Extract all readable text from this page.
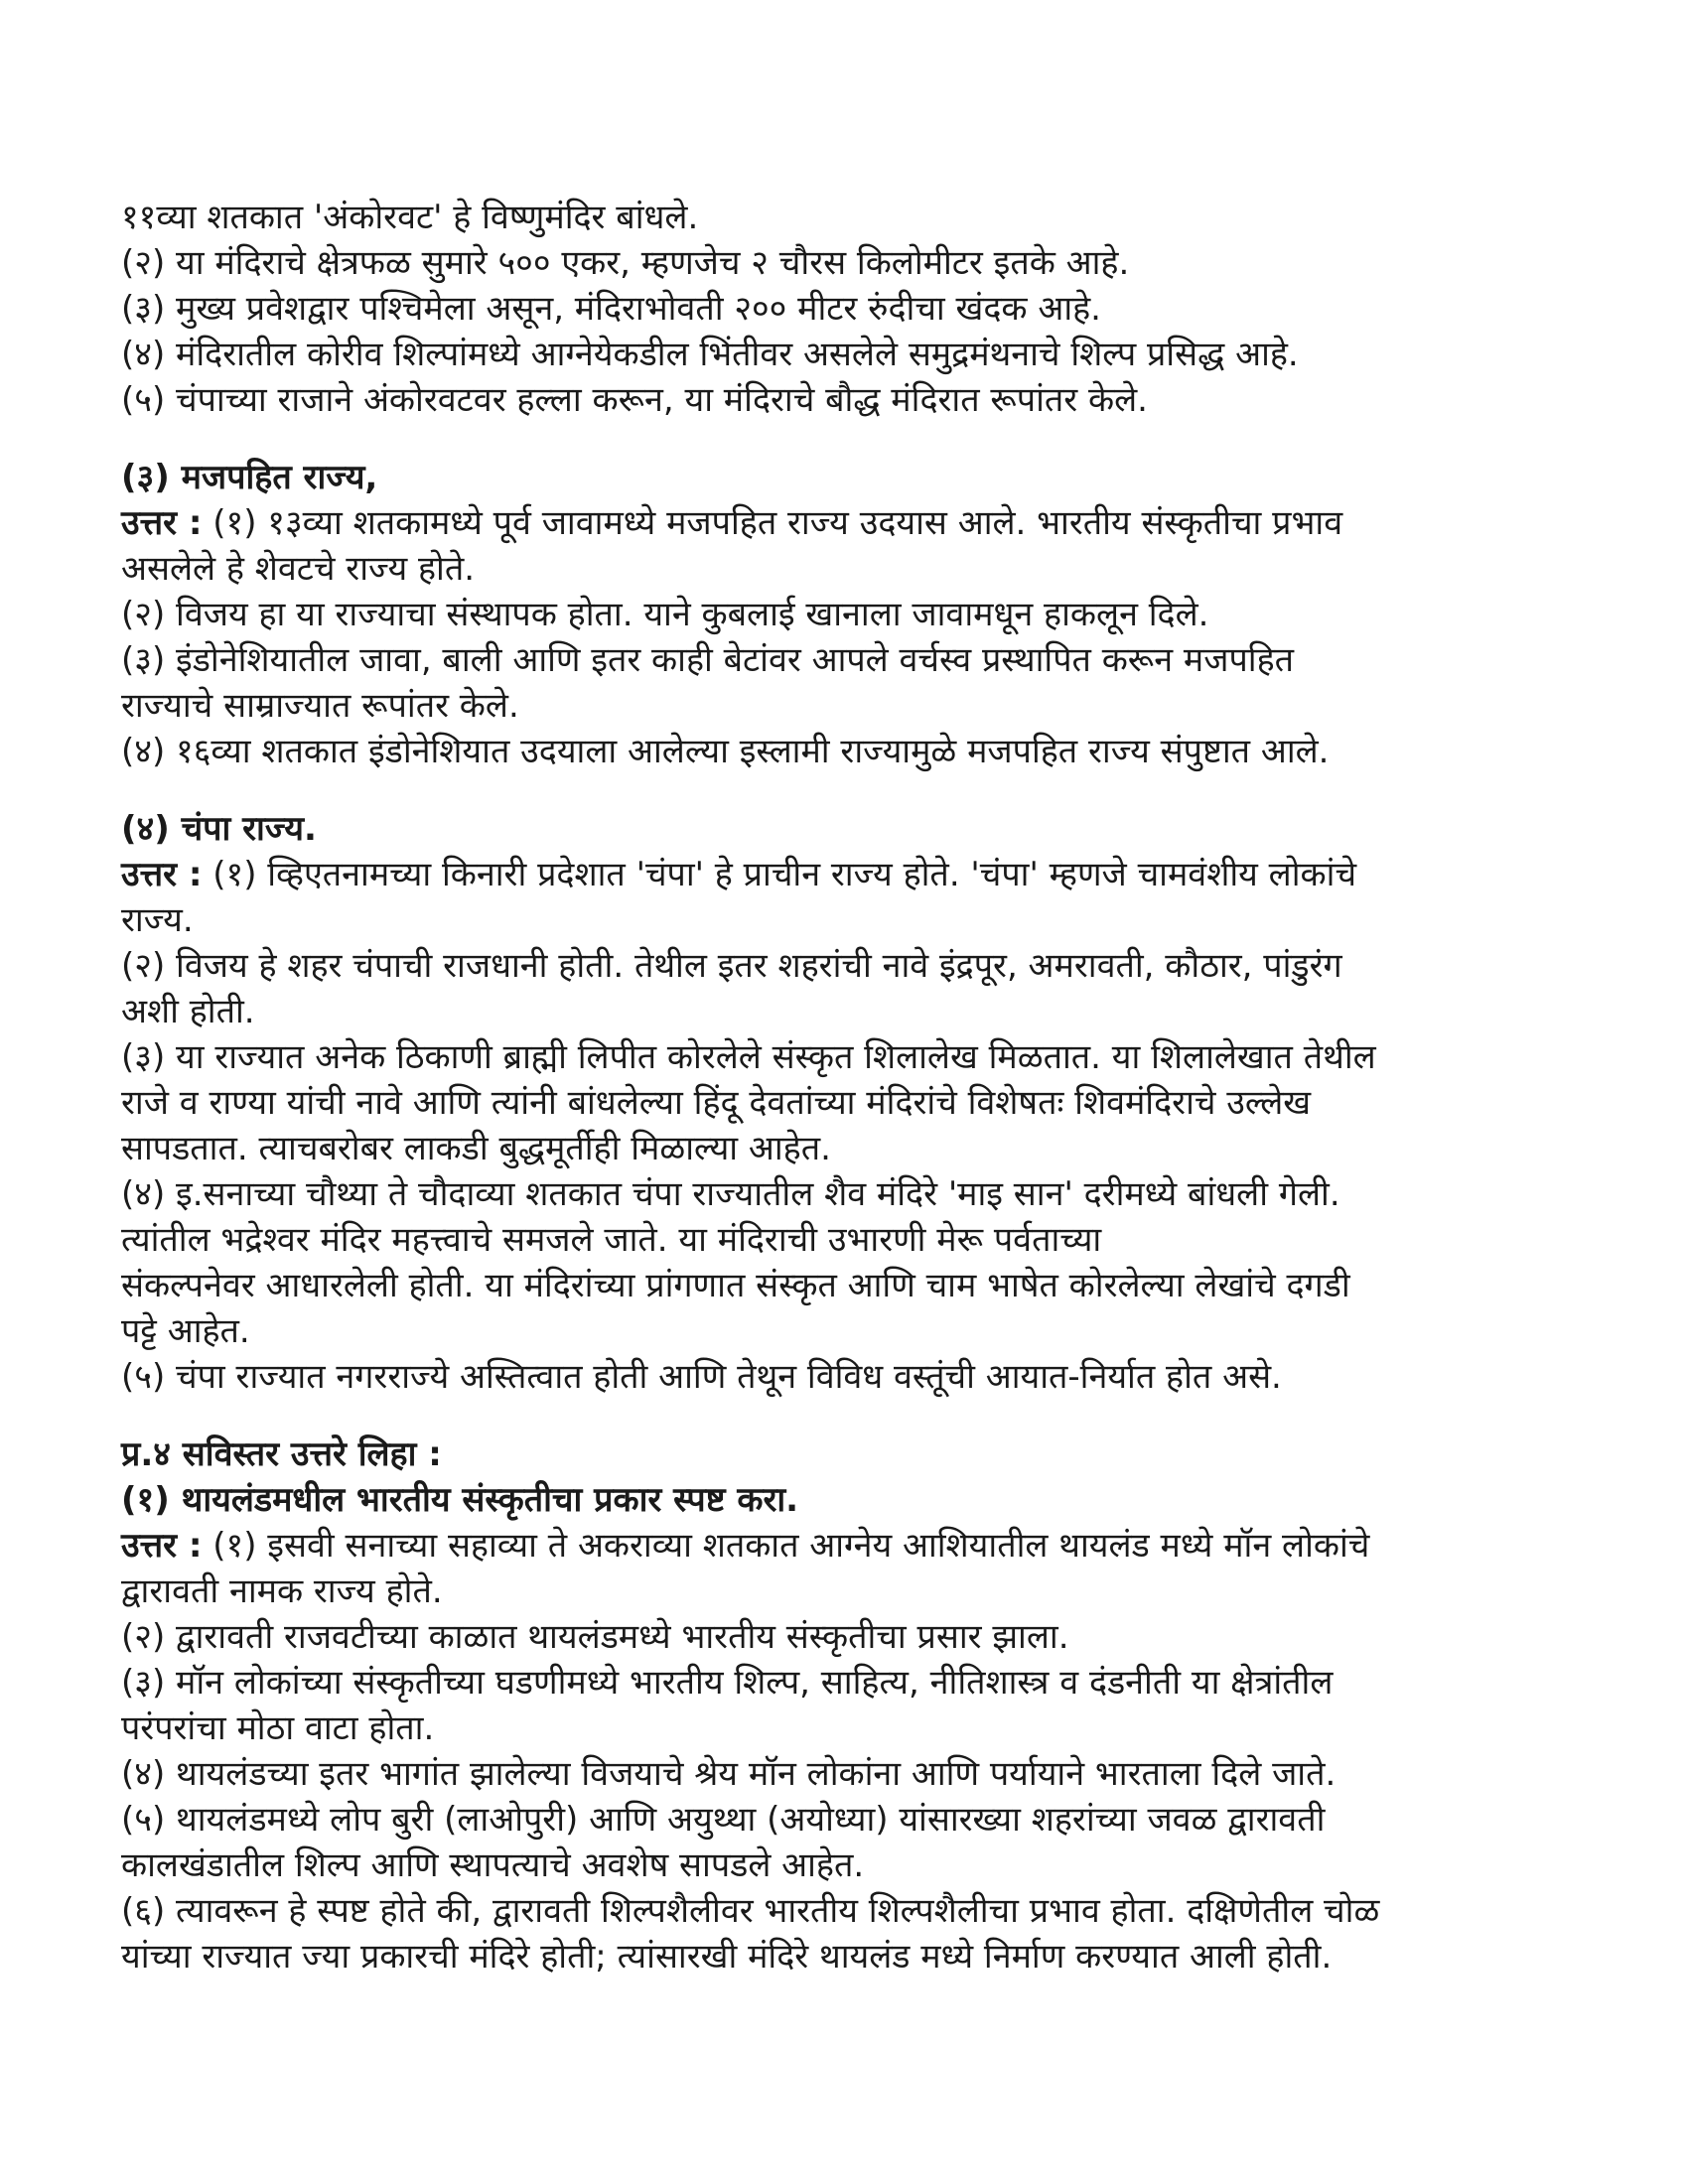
११व्या शतकात 'अंकोरवट' हे विष्णुमंदिर बांधले.
(२) या मंदिराचे क्षेत्रफळ सुमारे ५०० एकर, म्हणजेच २ चौरस किलोमीटर इतके आहे.
(३) मुख्य प्रवेशद्वार पश्चिमेला असून, मंदिराभोवती २०० मीटर रुंदीचा खंदक आहे.
(४) मंदिरातील कोरीव शिल्पांमध्ये आग्नेयेकडील भिंतीवर असलेले समुद्रमंथनाचे शिल्प प्रसिद्ध आहे.
(५) चंपाच्या राजाने अंकोरवटवर हल्ला करून, या मंदिराचे बौद्ध मंदिरात रूपांतर केले.
(३) मजपहित राज्य,
उत्तर : (१) १३व्या शतकामध्ये पूर्व जावामध्ये मजपहित राज्य उदयास आले. भारतीय संस्कृतीचा प्रभाव
असलेले हे शेवटचे राज्य होते.
(२) विजय हा या राज्याचा संस्थापक होता. याने कुबलाई खानाला जावामधून हाकलून दिले.
(३) इंडोनेशियातील जावा, बाली आणि इतर काही बेटांवर आपले वर्चस्व प्रस्थापित करून मजपहित
राज्याचे साम्राज्यात रूपांतर केले.
(४) १६व्या शतकात इंडोनेशियात उदयाला आलेल्या इस्लामी राज्यामुळे मजपहित राज्य संपुष्टात आले.
(४) चंपा राज्य.
उत्तर : (१) व्हिएतनामच्या किनारी प्रदेशात 'चंपा' हे प्राचीन राज्य होते. 'चंपा' म्हणजे चामवंशीय लोकांचे
राज्य.
(२) विजय हे शहर चंपाची राजधानी होती. तेथील इतर शहरांची नावे इंद्रपूर, अमरावती, कौठार, पांडुरंग
अशी होती.
(३) या राज्यात अनेक ठिकाणी ब्राह्मी लिपीत कोरलेले संस्कृत शिलालेख मिळतात. या शिलालेखात तेथील
राजे व राण्या यांची नावे आणि त्यांनी बांधलेल्या हिंदू देवतांच्या मंदिरांचे विशेषतः शिवमंदिराचे उल्लेख
सापडतात. त्याचबरोबर लाकडी बुद्धमूर्तीही मिळाल्या आहेत.
(४) इ.सनाच्या चौथ्या ते चौदाव्या शतकात चंपा राज्यातील शैव मंदिरे 'माइ सान' दरीमध्ये बांधली गेली.
त्यांतील भद्रेश्वर मंदिर महत्त्वाचे समजले जाते. या मंदिराची उभारणी मेरू पर्वताच्या
संकल्पनेवर आधारलेली होती. या मंदिरांच्या प्रांगणात संस्कृत आणि चाम भाषेत कोरलेल्या लेखांचे दगडी
पट्टे आहेत.
(५) चंपा राज्यात नगरराज्ये अस्तित्वात होती आणि तेथून विविध वस्तूंची आयात-निर्यात होत असे.
प्र.४ सविस्तर उत्तरे लिहा :
(१) थायलंडमधील भारतीय संस्कृतीचा प्रकार स्पष्ट करा.
उत्तर : (१) इसवी सनाच्या सहाव्या ते अकराव्या शतकात आग्नेय आशियातील थायलंड मध्ये मॉन लोकांचे
द्वारावती नामक राज्य होते.
(२) द्वारावती राजवटीच्या काळात थायलंडमध्ये भारतीय संस्कृतीचा प्रसार झाला.
(३) मॉन लोकांच्या संस्कृतीच्या घडणीमध्ये भारतीय शिल्प, साहित्य, नीतिशास्त्र व दंडनीती या क्षेत्रांतील
परंपरांचा मोठा वाटा होता.
(४) थायलंडच्या इतर भागांत झालेल्या विजयाचे श्रेय मॉन लोकांना आणि पर्यायाने भारताला दिले जाते.
(५) थायलंडमध्ये लोप बुरी (लाओपुरी) आणि अयुथ्था (अयोध्या) यांसारख्या शहरांच्या जवळ द्वारावती
कालखंडातील शिल्प आणि स्थापत्याचे अवशेष सापडले आहेत.
(६) त्यावरून हे स्पष्ट होते की, द्वारावती शिल्पशैलीवर भारतीय शिल्पशैलीचा प्रभाव होता. दक्षिणेतील चोळ
यांच्या राज्यात ज्या प्रकारची मंदिरे होती; त्यांसारखी मंदिरे थायलंड मध्ये निर्माण करण्यात आली होती.
